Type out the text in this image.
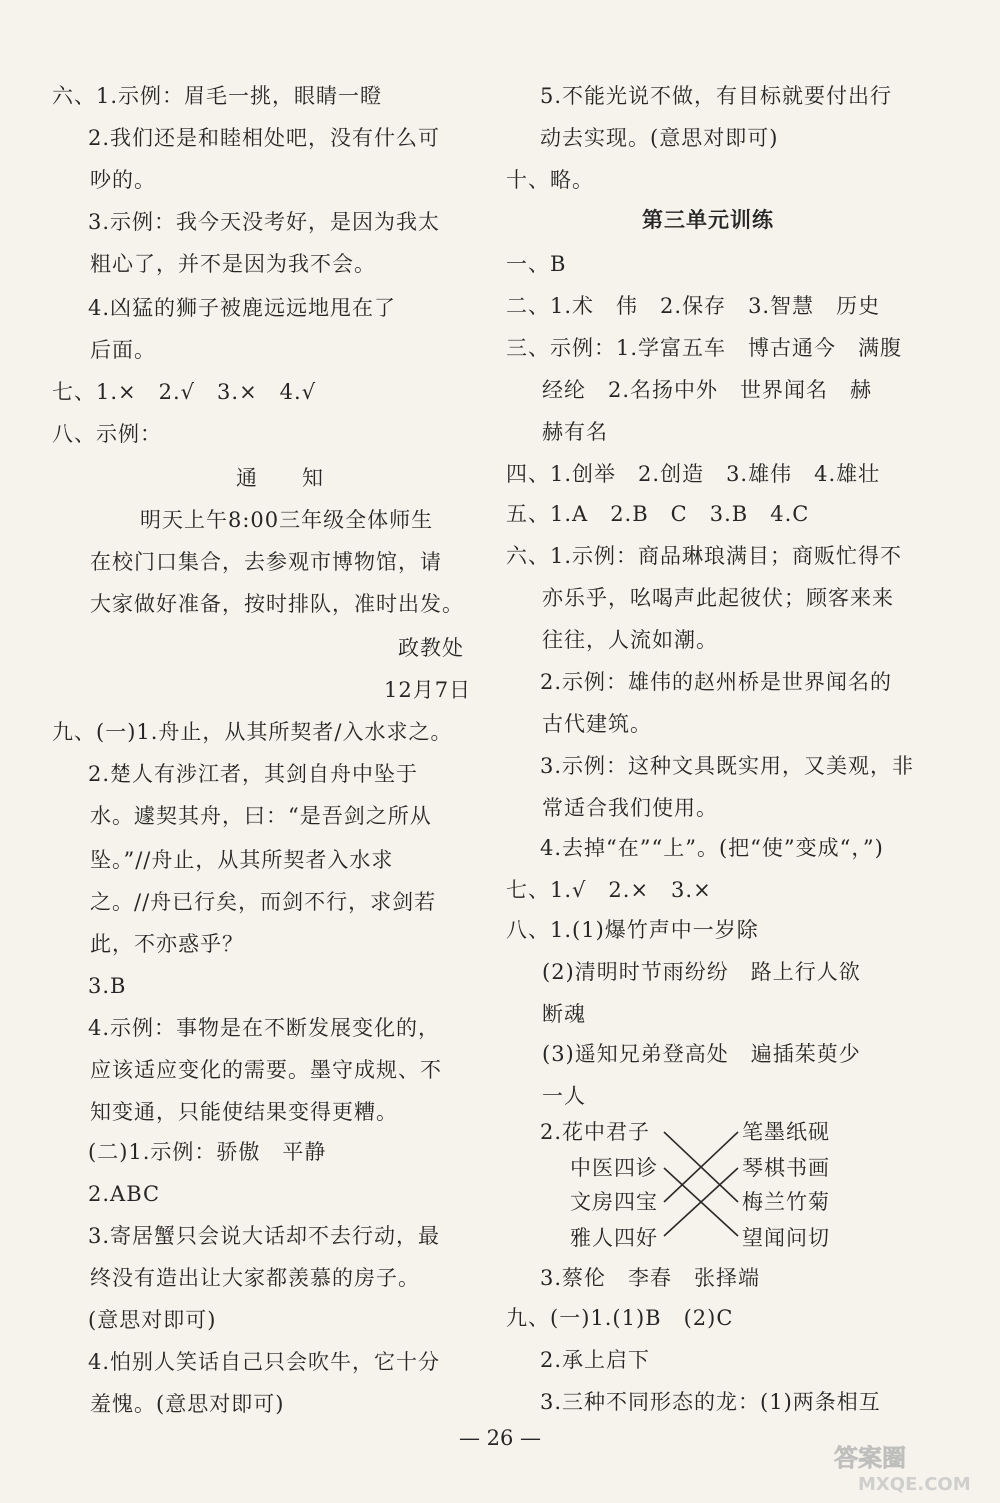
六、1.示例：眉毛一挑，眼睛一瞪
2.我们还是和睦相处吧，没有什么可
吵的。
3.示例：我今天没考好，是因为我太
粗心了，并不是因为我不会。
4.凶猛的狮子被鹿远远地甩在了
后面。
七、1.×　2.√　3.×　4.√
八、示例：
通　　知
明天上午8:00三年级全体师生
在校门口集合，去参观市博物馆，请
大家做好准备，按时排队，准时出发。
政教处
12月7日
九、(一)1.舟止，从其所契者/入水求之。
2.楚人有涉江者，其剑自舟中坠于
水。遽契其舟，曰：“是吾剑之所从
坠。”//舟止，从其所契者入水求
之。//舟已行矣，而剑不行，求剑若
此，不亦惑乎？
3.B
4.示例：事物是在不断发展变化的，
应该适应变化的需要。墨守成规、不
知变通，只能使结果变得更糟。
(二)1.示例：骄傲　平静
2.ABC
3.寄居蟹只会说大话却不去行动，最
终没有造出让大家都羡慕的房子。
(意思对即可)
4.怕别人笑话自己只会吹牛，它十分
羞愧。(意思对即可)
5.不能光说不做，有目标就要付出行
动去实现。(意思对即可)
十、略。
第三单元训练
一、B
二、1.术　伟　2.保存　3.智慧　历史
三、示例：1.学富五车　博古通今　满腹
经纶　2.名扬中外　世界闻名　赫
赫有名
四、1.创举　2.创造　3.雄伟　4.雄壮
五、1.A　2.B　C　3.B　4.C
六、1.示例：商品琳琅满目；商贩忙得不
亦乐乎，吆喝声此起彼伏；顾客来来
往往，人流如潮。
2.示例：雄伟的赵州桥是世界闻名的
古代建筑。
3.示例：这种文具既实用，又美观，非
常适合我们使用。
4.去掉“在”“上”。(把“使”变成“，”)
七、1.√　2.×　3.×
八、1.(1)爆竹声中一岁除
(2)清明时节雨纷纷　路上行人欲
断魂
(3)遥知兄弟登高处　遍插茱萸少
一人
2.花中君子
中医四诊
文房四宝
雅人四好
笔墨纸砚
琴棋书画
梅兰竹菊
望闻问切
3.蔡伦　李春　张择端
九、(一)1.(1)B　(2)C
2.承上启下
3.三种不同形态的龙：(1)两条相互
— 26 —
答案圈
MXQE.COM
